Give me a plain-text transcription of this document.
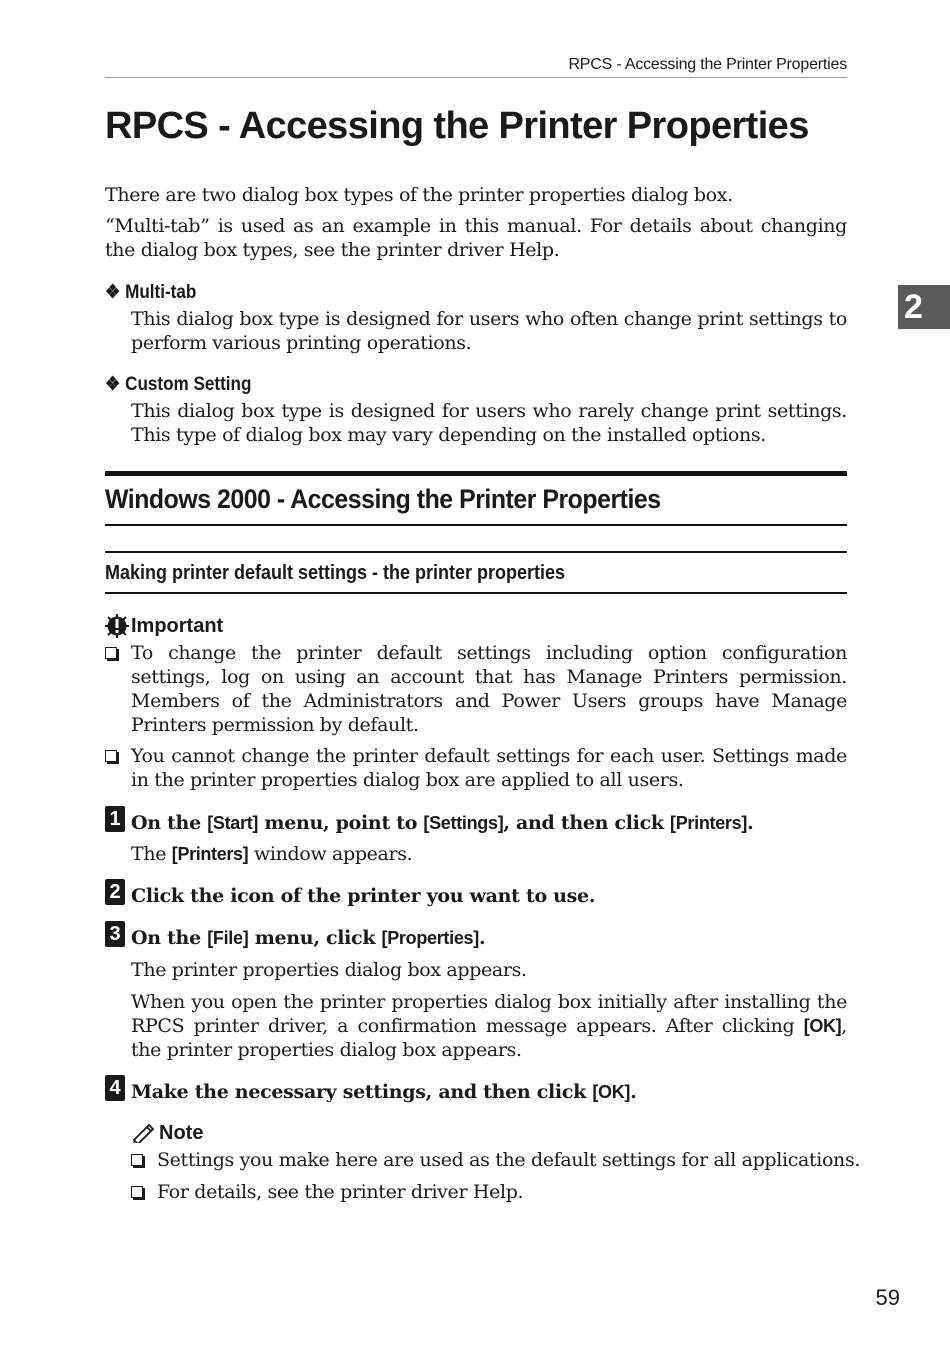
RPCS - Accessing the Printer Properties
2
RPCS - Accessing the Printer Properties

There are two dialog box types of the printer properties dialog box.

“Multi-tab” is used as an example in this manual. For details about changing the dialog box types, see the printer driver Help.

❖ Multi-tab

This dialog box type is designed for users who often change print settings to perform various printing operations.

❖ Custom Setting

This dialog box type is designed for users who rarely change print settings. This type of dialog box may vary depending on the installed options.

Windows 2000 - Accessing the Printer Properties
Making printer default settings - the printer properties
Important

To change the printer default settings including option configuration settings, log on using an account that has Manage Printers permission. Members of the Administrators and Power Users groups have Manage Printers permission by default.

You cannot change the printer default settings for each user. Settings made in the printer properties dialog box are applied to all users.

1 On the [Start] menu, point to [Settings], and then click [Printers].

The [Printers] window appears.

2 Click the icon of the printer you want to use.

3 On the [File] menu, click [Properties].

The printer properties dialog box appears.

When you open the printer properties dialog box initially after installing the RPCS printer driver, a confirmation message appears. After clicking [OK], the printer properties dialog box appears.

4 Make the necessary settings, and then click [OK].

Note

Settings you make here are used as the default settings for all applications.

For details, see the printer driver Help.

59
